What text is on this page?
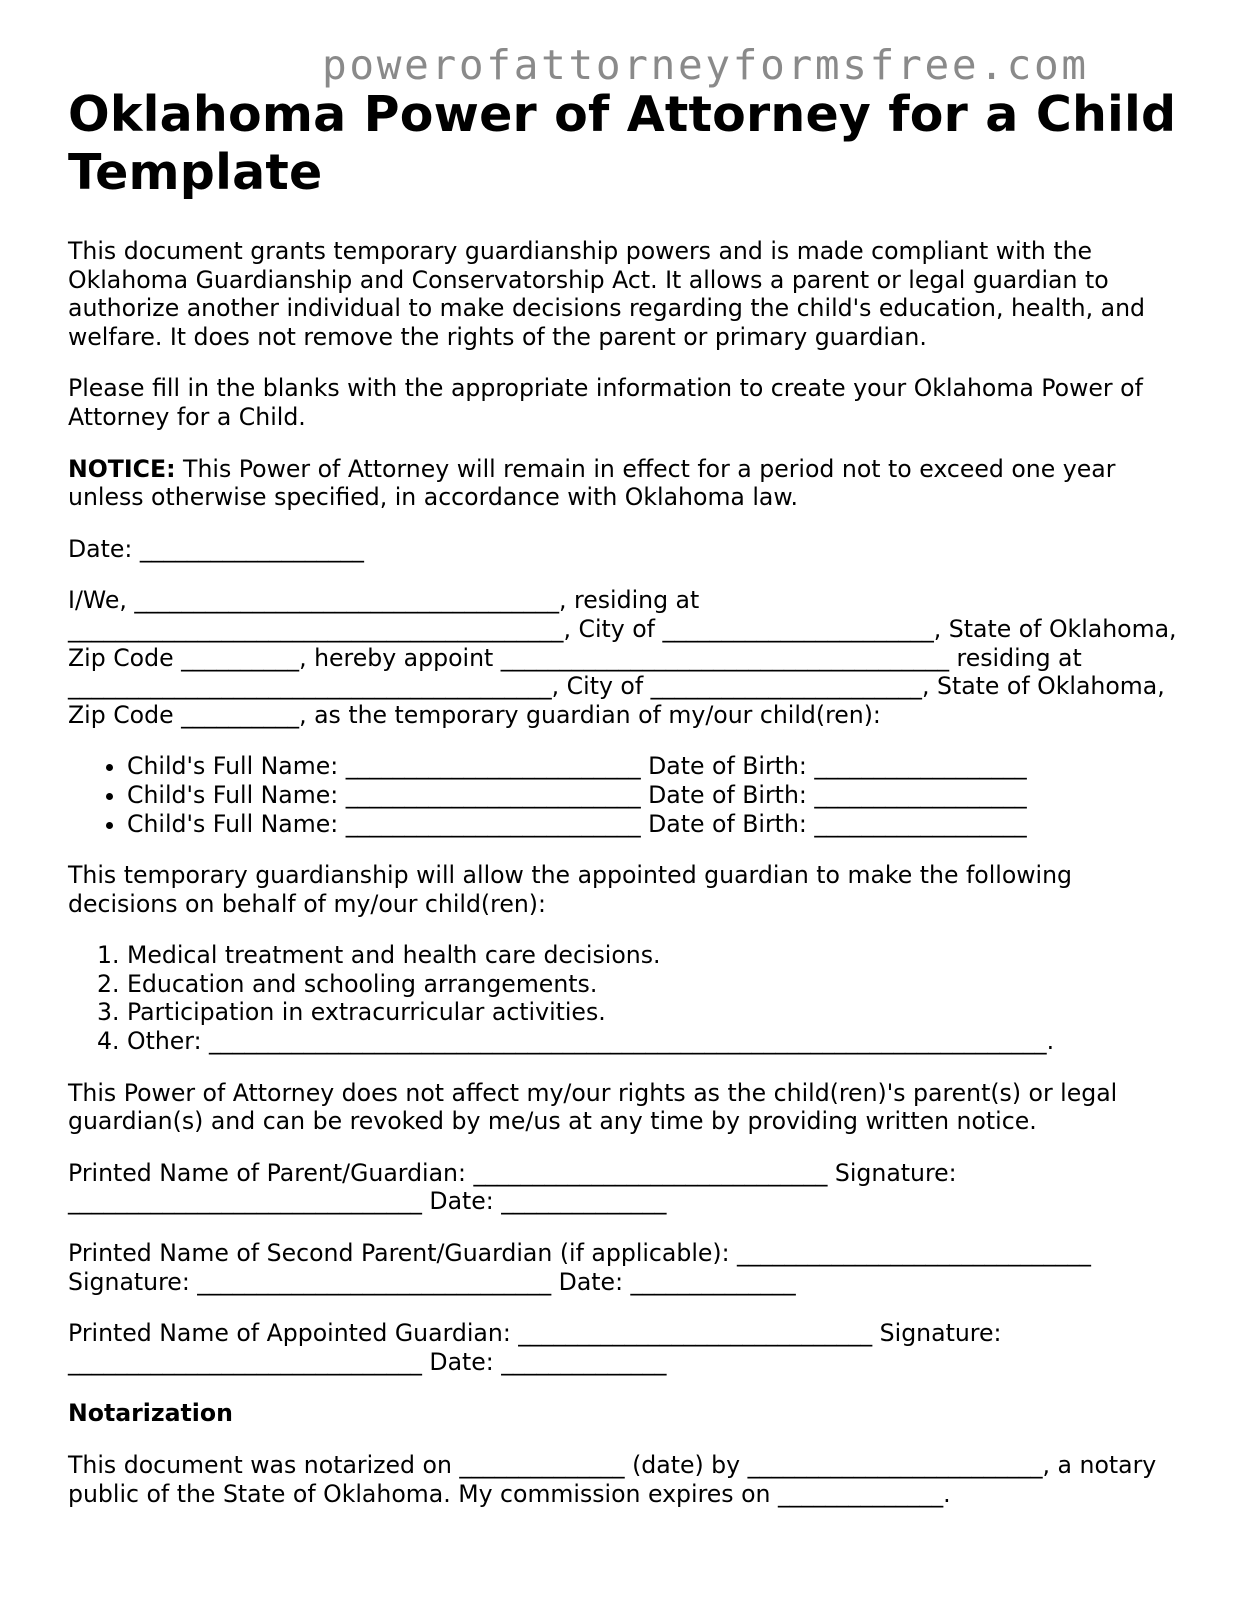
powerofattorneyformsfree.com
Oklahoma Power of Attorney for a Child Template

This document grants temporary guardianship powers and is made compliant with the Oklahoma Guardianship and Conservatorship Act. It allows a parent or legal guardian to authorize another individual to make decisions regarding the child's education, health, and welfare. It does not remove the rights of the parent or primary guardian.

Please fill in the blanks with the appropriate information to create your Oklahoma Power of Attorney for a Child.

NOTICE: This Power of Attorney will remain in effect for a period not to exceed one year unless otherwise specified, in accordance with Oklahoma law.

Date: ___________________

I/We, ____________________________________, residing at __________________________________________, City of _______________________, State of Oklahoma, Zip Code __________, hereby appoint ______________________________________ residing at _________________________________________, City of _______________________, State of Oklahoma, Zip Code __________, as the temporary guardian of my/our child(ren):

• Child's Full Name: _________________________ Date of Birth: __________________
• Child's Full Name: _________________________ Date of Birth: __________________
• Child's Full Name: _________________________ Date of Birth: __________________

This temporary guardianship will allow the appointed guardian to make the following decisions on behalf of my/our child(ren):

1. Medical treatment and health care decisions.
2. Education and schooling arrangements.
3. Participation in extracurricular activities.
4. Other: _______________________________________________________________________.

This Power of Attorney does not affect my/our rights as the child(ren)'s parent(s) or legal guardian(s) and can be revoked by me/us at any time by providing written notice.

Printed Name of Parent/Guardian: ______________________________ Signature: ______________________________ Date: ______________

Printed Name of Second Parent/Guardian (if applicable): ______________________________ Signature: ______________________________ Date: ______________

Printed Name of Appointed Guardian: ______________________________ Signature: ______________________________ Date: ______________

Notarization

This document was notarized on ______________ (date) by _________________________, a notary public of the State of Oklahoma. My commission expires on ______________.
